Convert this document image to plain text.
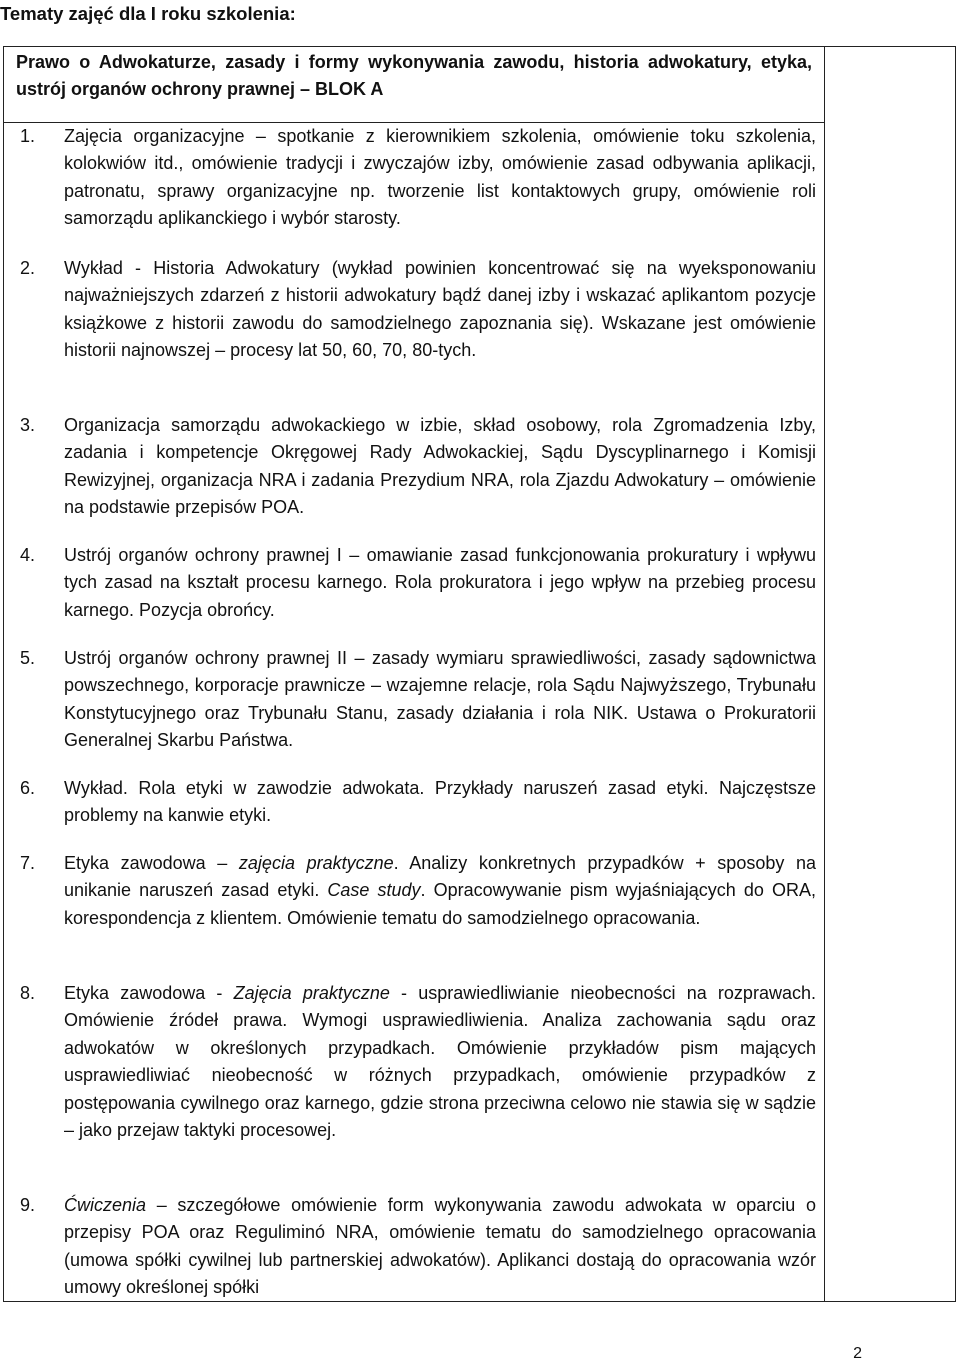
Tematy zajęć dla I roku szkolenia:
Prawo o Adwokaturze, zasady i formy wykonywania zawodu, historia adwokatury, etyka, ustrój organów ochrony prawnej – BLOK A
1.	Zajęcia organizacyjne – spotkanie z kierownikiem szkolenia, omówienie toku szkolenia, kolokwiów itd., omówienie tradycji i zwyczajów izby, omówienie zasad odbywania aplikacji, patronatu, sprawy organizacyjne np. tworzenie list kontaktowych grupy, omówienie roli samorządu aplikanckiego i wybór starosty.
2.	Wykład - Historia Adwokatury (wykład powinien koncentrować się na wyeksponowaniu najważniejszych zdarzeń z historii adwokatury bądź danej izby i wskazać aplikantom pozycje książkowe z historii zawodu do samodzielnego zapoznania się). Wskazane jest omówienie historii najnowszej – procesy lat 50, 60, 70, 80-tych.
3.	Organizacja samorządu adwokackiego w izbie, skład osobowy, rola Zgromadzenia Izby, zadania i kompetencje Okręgowej Rady Adwokackiej, Sądu Dyscyplinarnego i Komisji Rewizyjnej, organizacja NRA i zadania Prezydium NRA, rola Zjazdu Adwokatury – omówienie na podstawie przepisów POA.
4.	Ustrój organów ochrony prawnej I – omawianie zasad funkcjonowania prokuratury i wpływu tych zasad na kształt procesu karnego. Rola prokuratora i jego wpływ na przebieg procesu karnego. Pozycja obrońcy.
5.	Ustrój organów ochrony prawnej II – zasady wymiaru sprawiedliwości, zasady sądownictwa powszechnego, korporacje prawnicze – wzajemne relacje, rola Sądu Najwyższego, Trybunału Konstytucyjnego oraz Trybunału Stanu, zasady działania i rola NIK. Ustawa o Prokuratorii Generalnej Skarbu Państwa.
6.	Wykład. Rola etyki w zawodzie adwokata. Przykłady naruszeń zasad etyki. Najczęstsze problemy na kanwie etyki.
7.	Etyka zawodowa – zajęcia praktyczne. Analizy konkretnych przypadków + sposoby na unikanie naruszeń zasad etyki. Case study. Opracowywanie pism wyjaśniających do ORA, korespondencja z klientem. Omówienie tematu do samodzielnego opracowania.
8.	Etyka zawodowa - Zajęcia praktyczne - usprawiedliwianie nieobecności na rozprawach. Omówienie źródeł prawa. Wymogi usprawiedliwienia. Analiza zachowania sądu oraz adwokatów w określonych przypadkach. Omówienie przykładów pism mających usprawiedliwiać nieobecność w różnych przypadkach, omówienie przypadków z postępowania cywilnego oraz karnego, gdzie strona przeciwna celowo nie stawia się w sądzie – jako przejaw taktyki procesowej.
9.	Ćwiczenia – szczegółowe omówienie form wykonywania zawodu adwokata w oparciu o przepisy POA oraz Reguliminó NRA, omówienie tematu do samodzielnego opracowania (umowa spółki cywilnej lub partnerskiej adwokatów). Aplikanci dostają do opracowania wzór umowy określonej spółki
2
